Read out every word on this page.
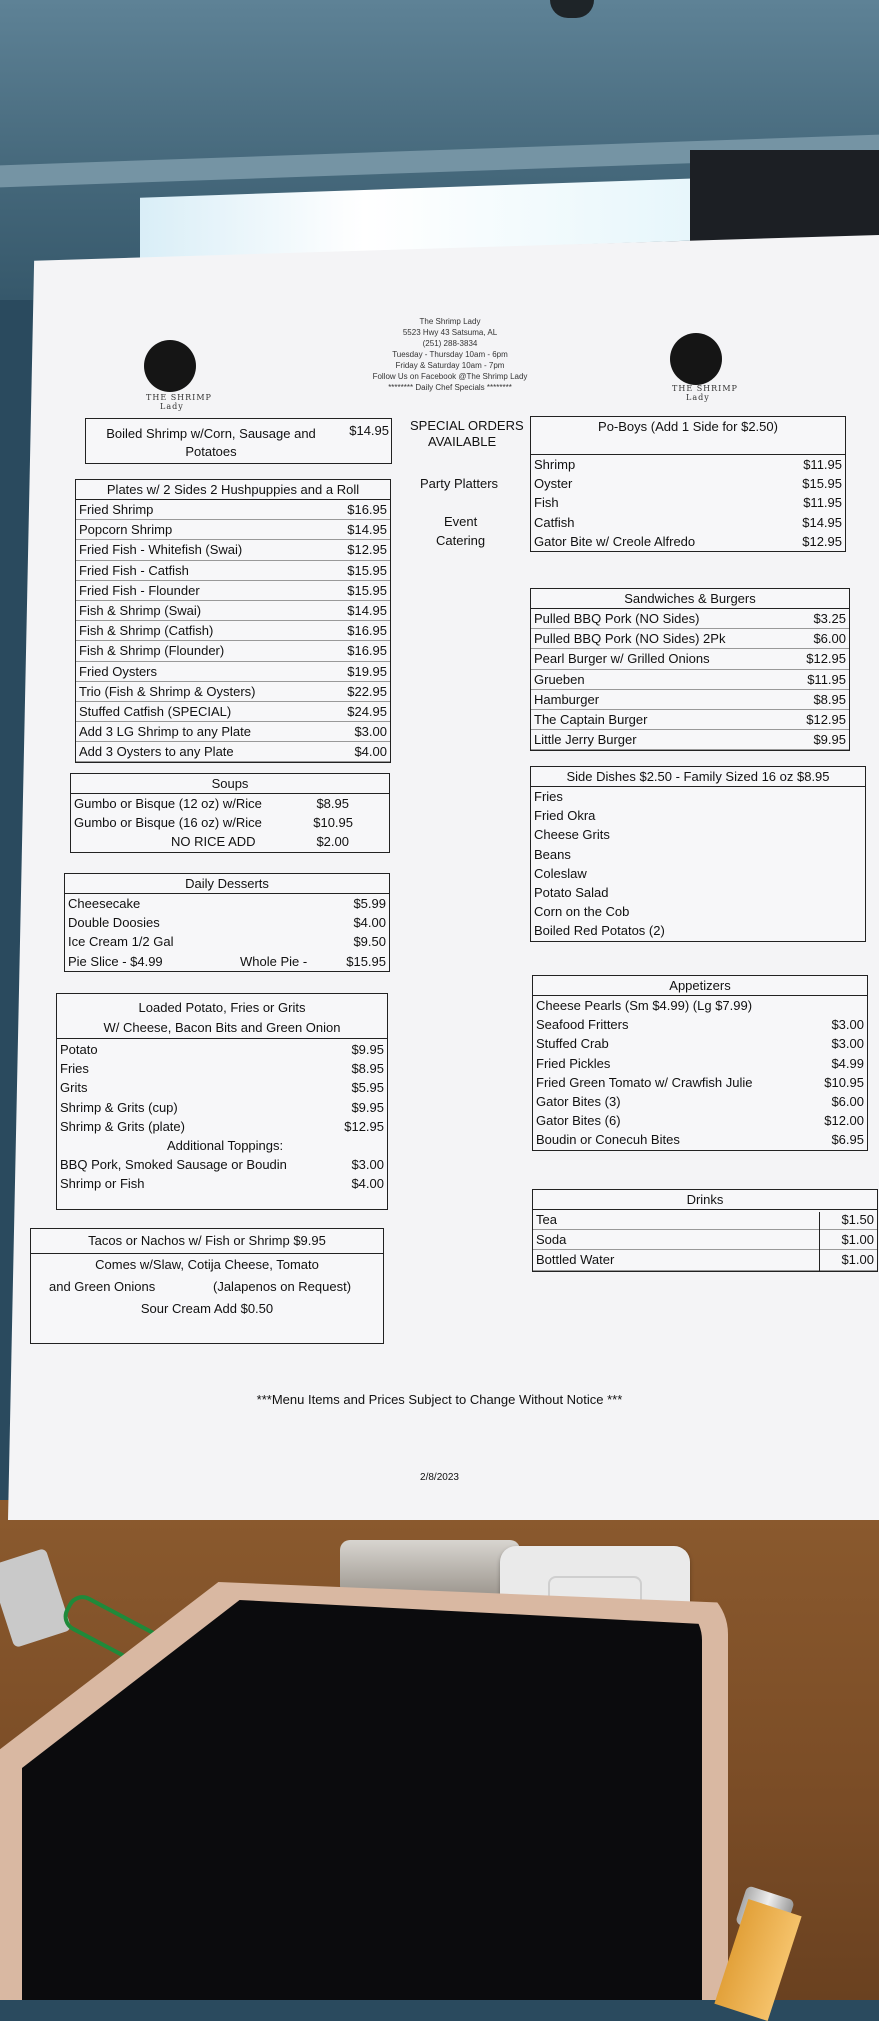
THE SHRIMP
Lady
THE SHRIMP
Lady
The Shrimp Lady
5523 Hwy 43 Satsuma, AL
(251) 288-3834
Tuesday - Thursday 10am - 6pm
Friday & Saturday 10am - 7pm
Follow Us on Facebook @The Shrimp Lady
******** Daily Chef Specials ********
SPECIAL ORDERS
AVAILABLE
Party Platters
Event
Catering
Boiled Shrimp w/Corn, Sausage and Potatoes
$14.95
Plates w/ 2 Sides 2 Hushpuppies and a Roll
Fried Shrimp	$16.95
Popcorn Shrimp	$14.95
Fried Fish - Whitefish (Swai)	$12.95
Fried Fish - Catfish	$15.95
Fried Fish - Flounder	$15.95
Fish & Shrimp (Swai)	$14.95
Fish & Shrimp (Catfish)	$16.95
Fish & Shrimp (Flounder)	$16.95
Fried Oysters	$19.95
Trio (Fish & Shrimp & Oysters)	$22.95
Stuffed Catfish (SPECIAL)	$24.95
Add 3 LG Shrimp to any Plate	$3.00
Add 3 Oysters to any Plate	$4.00
Soups
Gumbo or Bisque (12 oz) w/Rice	$8.95
Gumbo or Bisque (16 oz) w/Rice	$10.95
NO RICE ADD	$2.00
Daily Desserts
Cheesecake	$5.99
Double Doosies	$4.00
Ice Cream 1/2 Gal	$9.50
Pie Slice - $4.99	Whole Pie -	$15.95
Loaded Potato, Fries or Grits
W/ Cheese, Bacon Bits and Green Onion
Potato	$9.95
Fries	$8.95
Grits	$5.95
Shrimp & Grits (cup)	$9.95
Shrimp & Grits (plate)	$12.95
Additional Toppings:
BBQ Pork, Smoked Sausage or Boudin	$3.00
Shrimp or Fish	$4.00
Tacos or Nachos w/ Fish or Shrimp $9.95
Comes w/Slaw, Cotija Cheese, Tomato
and Green Onions	(Jalapenos on Request)
Sour Cream Add $0.50
Po-Boys (Add 1 Side for $2.50)
Shrimp	$11.95
Oyster	$15.95
Fish	$11.95
Catfish	$14.95
Gator Bite w/ Creole Alfredo	$12.95
Sandwiches & Burgers
Pulled BBQ Pork (NO Sides)	$3.25
Pulled BBQ Pork (NO Sides) 2Pk	$6.00
Pearl Burger w/ Grilled Onions	$12.95
Grueben	$11.95
Hamburger	$8.95
The Captain Burger	$12.95
Little Jerry Burger	$9.95
Side Dishes $2.50 - Family Sized 16 oz $8.95
Fries
Fried Okra
Cheese Grits
Beans
Coleslaw
Potato Salad
Corn on the Cob
Boiled Red Potatos (2)
Appetizers
Cheese Pearls (Sm $4.99) (Lg $7.99)
Seafood Fritters	$3.00
Stuffed Crab	$3.00
Fried Pickles	$4.99
Fried Green Tomato w/ Crawfish Julie	$10.95
Gator Bites (3)	$6.00
Gator Bites (6)	$12.00
Boudin or Conecuh Bites	$6.95
Drinks
Tea	$1.50
Soda	$1.00
Bottled Water	$1.00
***Menu Items and Prices Subject to Change Without Notice ***
2/8/2023
